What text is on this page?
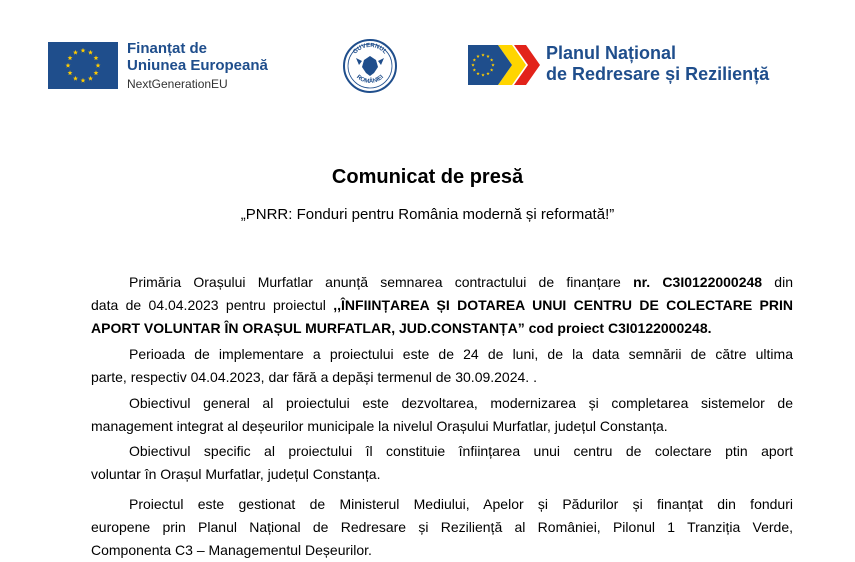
Finanțat de
Uniunea Europeană
NextGenerationEU
GUVERNUL
ROMÂNIEI
Planul Național
de Redresare și Reziliență
Comunicat de presă
„PNRR: Fonduri pentru România modernă și reformată!”
Primăria Orașului Murfatlar anunță semnarea contractului de finanțare nr. C3I0122000248 din
data de 04.04.2023 pentru proiectul ,,ÎNFIINȚAREA ȘI DOTAREA UNUI CENTRU DE COLECTARE PRIN
APORT VOLUNTAR ÎN ORAȘUL MURFATLAR, JUD.CONSTANȚA” cod proiect C3I0122000248.
Perioada de implementare a proiectului este de 24 de luni, de la data semnării de către ultima
parte, respectiv 04.04.2023, dar fără a depăși termenul de 30.09.2024. .
Obiectivul general al proiectului este dezvoltarea, modernizarea și completarea sistemelor de
management integrat al deșeurilor municipale la nivelul Orașului Murfatlar, județul Constanța.
Obiectivul specific al proiectului îl constituie înființarea unui centru de colectare ptin aport
voluntar în Orașul Murfatlar, județul Constanța.
Proiectul este gestionat de Ministerul Mediului, Apelor și Pădurilor și finanțat din fonduri
europene prin Planul Național de Redresare și Reziliență al României, Pilonul 1 Tranziția Verde,
Componenta C3 – Managementul Deșeurilor.
